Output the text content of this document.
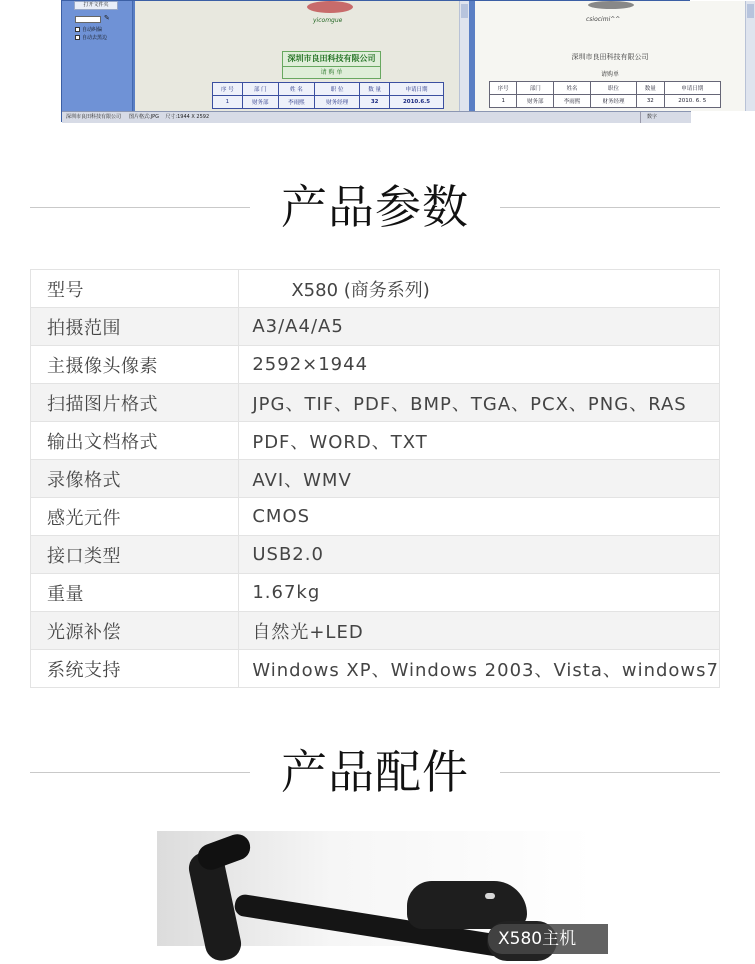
打开文件夹
✎
自动纠偏
自动去黑边
yicomgue
深圳市良田科技有限公司
请 购 单
序 号	部 门	姓 名	职 位	数 量	申请日期
1	财务部	李雨熙	财务经理	32	2010.6.5
csiocimi^^
深圳市良田科技有限公司
请购单
序号	部门	姓名	职位	数量	申请日期
1	财务部	李雨熙	财务经理	32	2010. 6. 5
深圳市良田科技有限公司 图片格式:JPG 尺寸:1944 X 2592	数字
产品参数
型号	X580 (商务系列)
拍摄范围	A3/A4/A5
主摄像头像素	2592×1944
扫描图片格式	JPG、TIF、PDF、BMP、TGA、PCX、PNG、RAS
输出文档格式	PDF、WORD、TXT
录像格式	AVI、WMV
感光元件	CMOS
接口类型	USB2.0
重量	1.67kg
光源补偿	自然光+LED
系统支持	Windows XP、Windows 2003、Vista、windows7
产品配件
X580主机
